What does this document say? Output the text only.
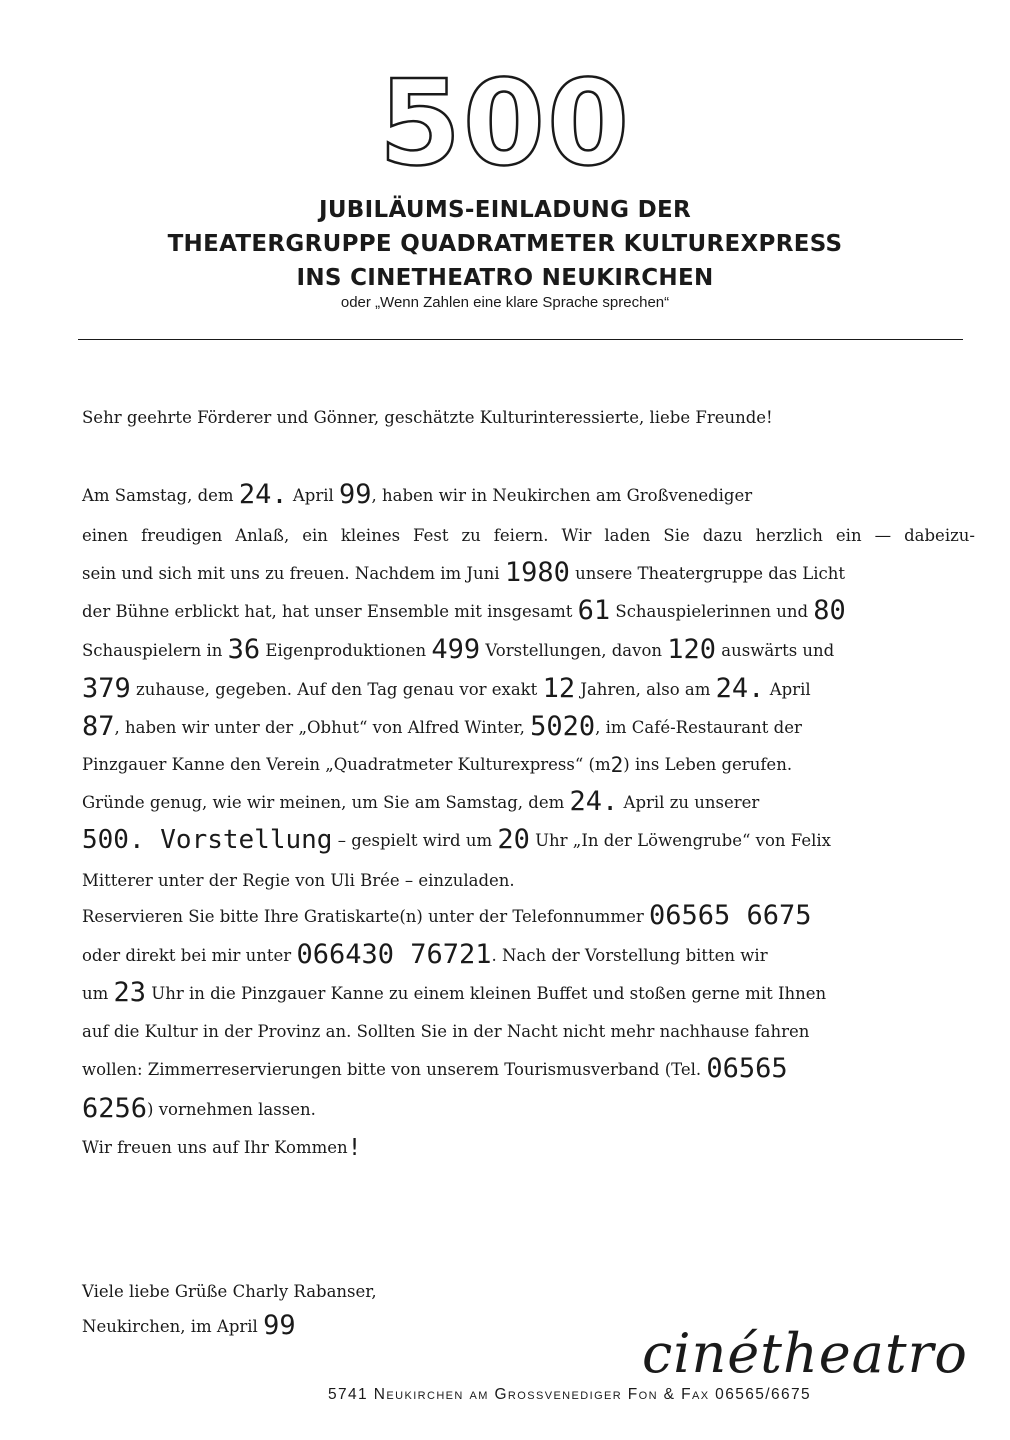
500
JUBILÄUMS-EINLADUNG DER
THEATERGRUPPE QUADRATMETER KULTUREXPRESS
INS CINETHEATRO NEUKIRCHEN
oder „Wenn Zahlen eine klare Sprache sprechen“
Sehr geehrte Förderer und Gönner, geschätzte Kulturinteressierte, liebe Freunde!
Am Samstag, dem 24. April 99, haben wir in Neukirchen am Großvenediger
einen freudigen Anlaß, ein kleines Fest zu feiern. Wir laden Sie dazu herzlich ein — dabeizu-
sein und sich mit uns zu freuen. Nachdem im Juni 1980 unsere Theatergruppe das Licht
der Bühne erblickt hat, hat unser Ensemble mit insgesamt 61 Schauspielerinnen und 80
Schauspielern in 36 Eigenproduktionen 499 Vorstellungen, davon 120 auswärts und
379 zuhause, gegeben. Auf den Tag genau vor exakt 12 Jahren, also am 24. April
87, haben wir unter der „Obhut“ von Alfred Winter, 5020, im Café-Restaurant der
Pinzgauer Kanne den Verein „Quadratmeter Kulturexpress“ (m2) ins Leben gerufen.
Gründe genug, wie wir meinen, um Sie am Samstag, dem 24. April zu unserer
500. Vorstellung – gespielt wird um 20 Uhr „In der Löwengrube“ von Felix
Mitterer unter der Regie von Uli Brée – einzuladen.
Reservieren Sie bitte Ihre Gratiskarte(n) unter der Telefonnummer 06565 6675
oder direkt bei mir unter 066430 76721. Nach der Vorstellung bitten wir
um 23 Uhr in die Pinzgauer Kanne zu einem kleinen Buffet und stoßen gerne mit Ihnen
auf die Kultur in der Provinz an. Sollten Sie in der Nacht nicht mehr nachhause fahren
wollen: Zimmerreservierungen bitte von unserem Tourismusverband (Tel. 06565
6256) vornehmen lassen.
Wir freuen uns auf Ihr Kommen!
Viele liebe Grüße Charly Rabanser,
Neukirchen, im April 99	cinétheatro
5741 Neukirchen am Grossvenediger Fon & Fax 06565/6675
